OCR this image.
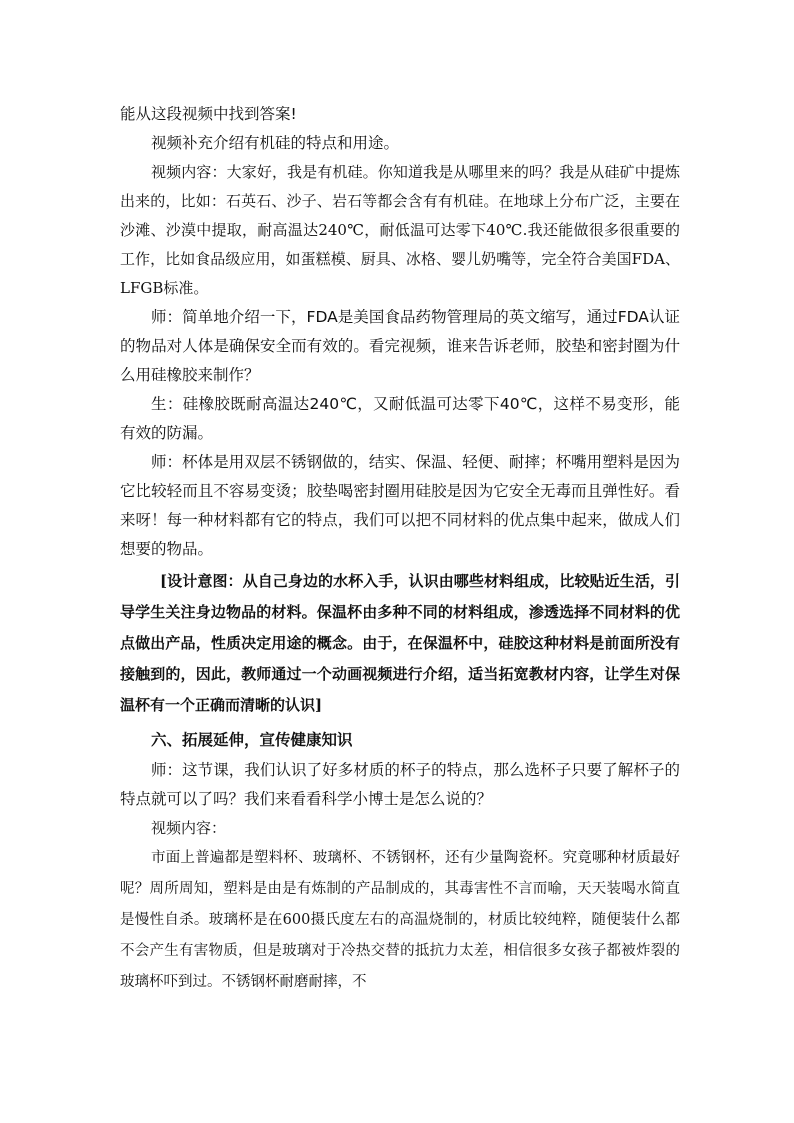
能从这段视频中找到答案!

视频补充介绍有机硅的特点和用途。

视频内容：大家好，我是有机硅。你知道我是从哪里来的吗？我是从硅矿中提炼出来的，比如：石英石、沙子、岩石等都会含有有机硅。在地球上分布广泛，主要在沙滩、沙漠中提取，耐高温达240℃，耐低温可达零下40℃.我还能做很多很重要的工作，比如食品级应用，如蛋糕模、厨具、冰格、婴儿奶嘴等，完全符合美国FDA、LFGB标准。

师：简单地介绍一下，FDA是美国食品药物管理局的英文缩写，通过FDA认证的物品对人体是确保安全而有效的。看完视频，谁来告诉老师，胶垫和密封圈为什么用硅橡胶来制作？

生：硅橡胶既耐高温达240℃，又耐低温可达零下40℃，这样不易变形，能有效的防漏。

师：杯体是用双层不锈钢做的，结实、保温、轻便、耐摔；杯嘴用塑料是因为它比较轻而且不容易变烫；胶垫喝密封圈用硅胶是因为它安全无毒而且弹性好。看来呀！每一种材料都有它的特点，我们可以把不同材料的优点集中起来，做成人们想要的物品。

[设计意图：从自己身边的水杯入手，认识由哪些材料组成，比较贴近生活，引导学生关注身边物品的材料。保温杯由多种不同的材料组成，渗透选择不同材料的优点做出产品，性质决定用途的概念。由于，在保温杯中，硅胶这种材料是前面所没有接触到的，因此，教师通过一个动画视频进行介绍，适当拓宽教材内容，让学生对保温杯有一个正确而清晰的认识]

六、拓展延伸，宣传健康知识

师：这节课，我们认识了好多材质的杯子的特点，那么选杯子只要了解杯子的特点就可以了吗？我们来看看科学小博士是怎么说的？

视频内容：

市面上普遍都是塑料杯、玻璃杯、不锈钢杯，还有少量陶瓷杯。究竟哪种材质最好呢？周所周知，塑料是由是有炼制的产品制成的，其毒害性不言而喻，天天装喝水简直是慢性自杀。玻璃杯是在600摄氏度左右的高温烧制的，材质比较纯粹，随便装什么都不会产生有害物质，但是玻璃对于冷热交替的抵抗力太差，相信很多女孩子都被炸裂的玻璃杯吓到过。不锈钢杯耐磨耐摔，不
